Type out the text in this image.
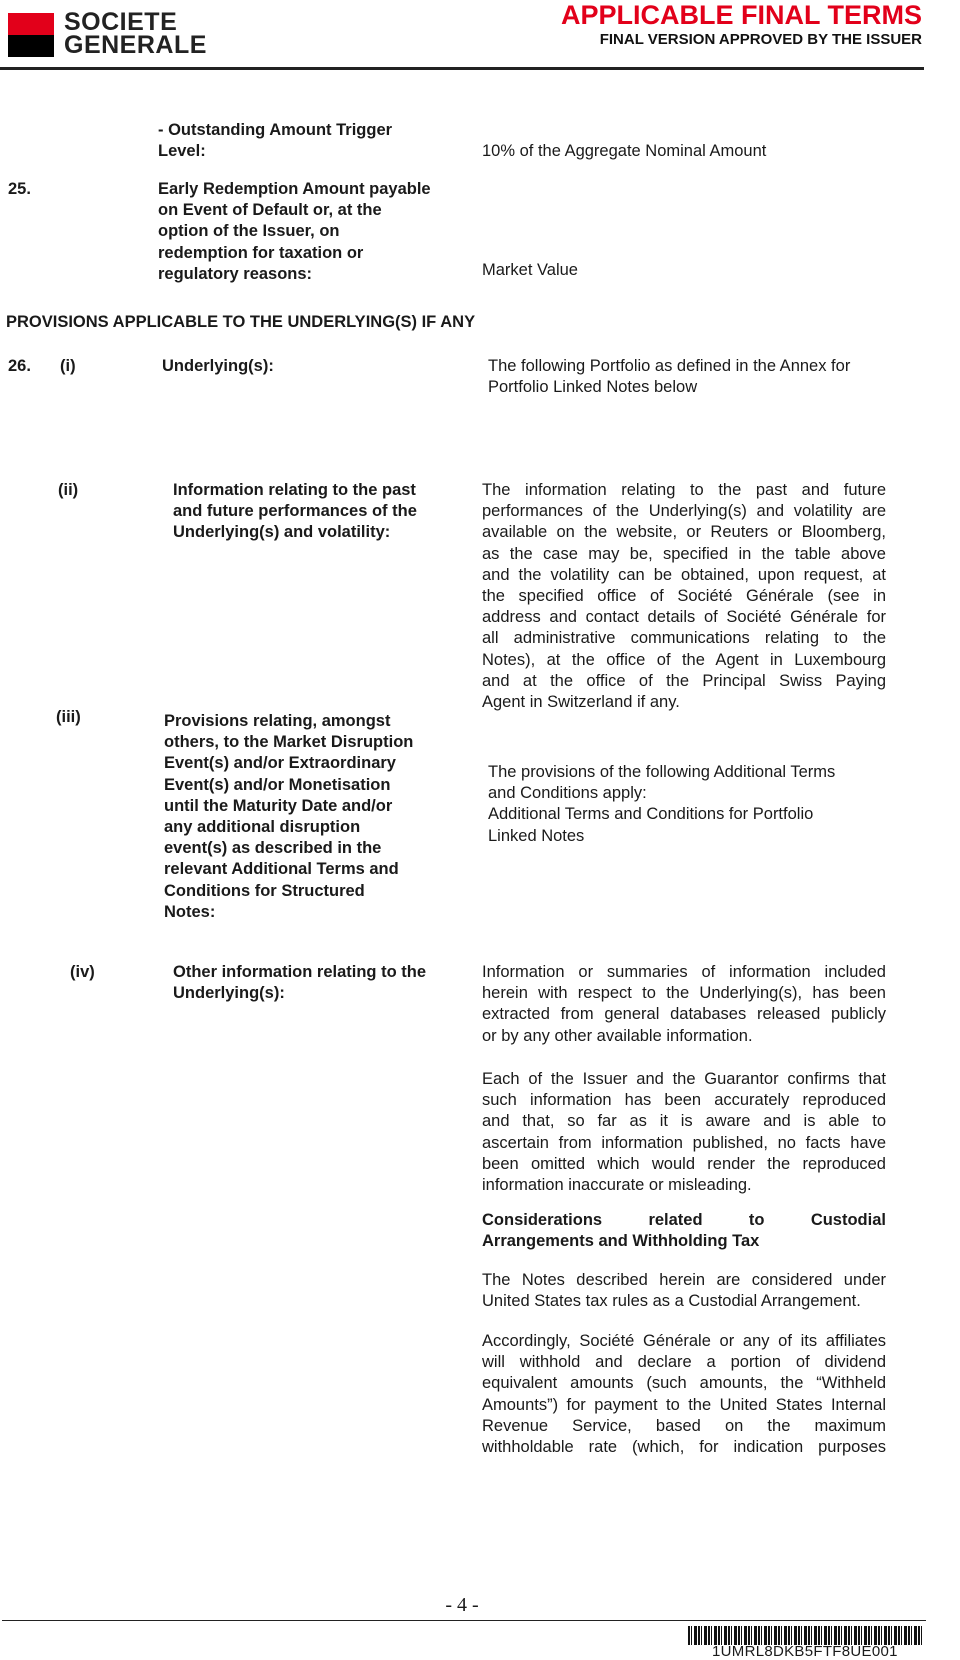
SOCIETE
GENERALE
APPLICABLE FINAL TERMS
FINAL VERSION APPROVED BY THE ISSUER
- Outstanding Amount Trigger
Level:	10% of the Aggregate Nominal Amount
25.	Early Redemption Amount payable
on Event of Default or, at the
option of the Issuer, on
redemption for taxation or
regulatory reasons:	Market Value
PROVISIONS APPLICABLE TO THE UNDERLYING(S) IF ANY
26. (i)	Underlying(s):	The following Portfolio as defined in the Annex for
Portfolio Linked Notes below
(ii)	Information relating to the past
and future performances of the
Underlying(s) and volatility:
The information relating to the past and future
performances of the Underlying(s) and volatility are
available on the website, or Reuters or Bloomberg,
as the case may be, specified in the table above
and the volatility can be obtained, upon request, at
the specified office of Société Générale (see in
address and contact details of Société Générale for
all administrative communications relating to the
Notes), at the office of the Agent in Luxembourg
and at the office of the Principal Swiss Paying
Agent in Switzerland if any.
(iii)	Provisions relating, amongst
others, to the Market Disruption
Event(s) and/or Extraordinary
Event(s) and/or Monetisation
until the Maturity Date and/or
any additional disruption
event(s) as described in the
relevant Additional Terms and
Conditions for Structured
Notes:
The provisions of the following Additional Terms
and Conditions apply:
Additional Terms and Conditions for Portfolio
Linked Notes
(iv)	Other information relating to the
Underlying(s):
Information or summaries of information included
herein with respect to the Underlying(s), has been
extracted from general databases released publicly
or by any other available information.
Each of the Issuer and the Guarantor confirms that
such information has been accurately reproduced
and that, so far as it is aware and is able to
ascertain from information published, no facts have
been omitted which would render the reproduced
information inaccurate or misleading.
Considerations related to Custodial
Arrangements and Withholding Tax
The Notes described herein are considered under
United States tax rules as a Custodial Arrangement.
Accordingly, Société Générale or any of its affiliates
will withhold and declare a portion of dividend
equivalent amounts (such amounts, the “Withheld
Amounts”) for payment to the United States Internal
Revenue Service, based on the maximum
withholdable rate (which, for indication purposes
- 4 -
1UMRL8DKB5FTF8UE001
